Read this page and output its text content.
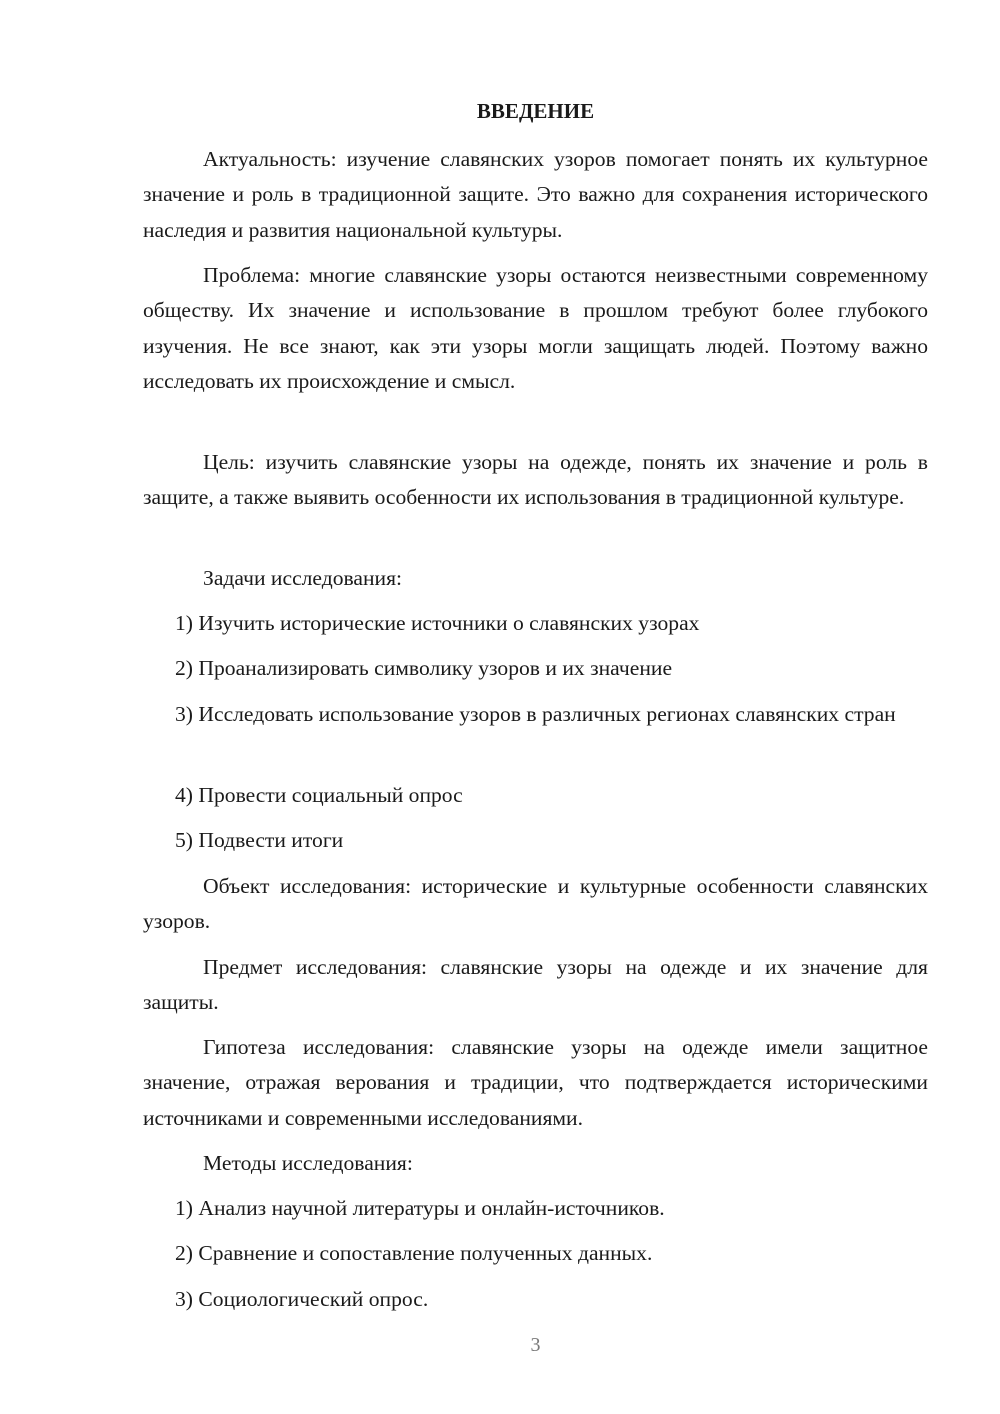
ВВЕДЕНИЕ

Актуальность: изучение славянских узоров помогает понять их культурное значение и роль в традиционной защите. Это важно для сохранения исторического наследия и развития национальной культуры.

Проблема: многие славянские узоры остаются неизвестными современному обществу. Их значение и использование в прошлом требуют более глубокого изучения. Не все знают, как эти узоры могли защищать людей. Поэтому важно исследовать их происхождение и смысл.

Цель: изучить славянские узоры на одежде, понять их значение и роль в защите, а также выявить особенности их использования в традиционной культуре.

Задачи исследования:

1) Изучить исторические источники о славянских узорах

2) Проанализировать символику узоров и их значение

3) Исследовать использование узоров в различных регионах славянских стран

4) Провести социальный опрос

5) Подвести итоги

Объект исследования: исторические и культурные особенности славянских узоров.

Предмет исследования: славянские узоры на одежде и их значение для защиты.

Гипотеза исследования: славянские узоры на одежде имели защитное значение, отражая верования и традиции, что подтверждается историческими источниками и современными исследованиями.

Методы исследования:

1) Анализ научной литературы и онлайн-источников.

2) Сравнение и сопоставление полученных данных.

3) Социологический опрос.

3
